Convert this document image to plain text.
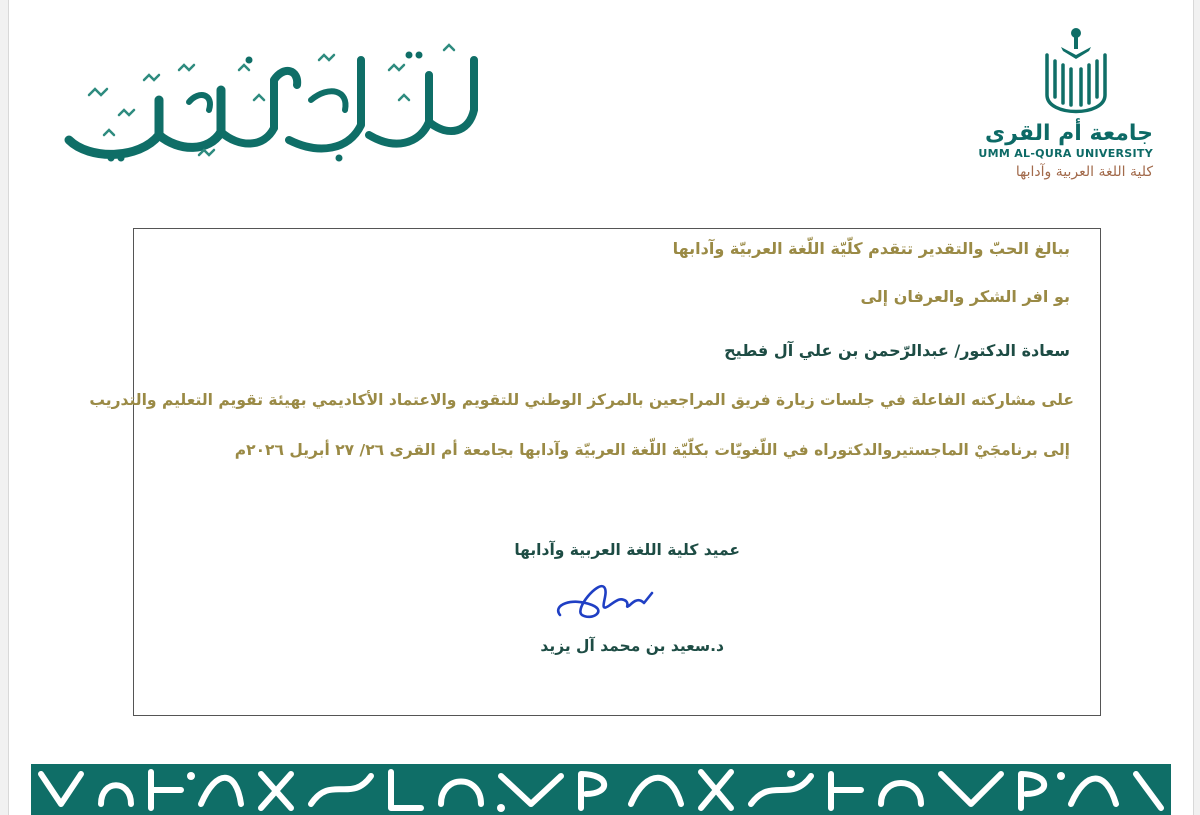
جامعة أم القرى
UMM AL-QURA UNIVERSITY
كلية اللغة العربية وآدابها
ببالغ الحبّ والتقدير تتقدم كلّيّة اللّغة العربيّة وآدابها
بو افر الشكر والعرفان إلى
سعادة الدكتور/ عبدالرّحمن بن علي آل فطيح
على مشاركته الفاعلة في جلسات زيارة فريق المراجعين بالمركز الوطني للتقويم والاعتماد الأكاديمي بهيئة تقويم التعليم والتدريب
إلى برنامجَيْ الماجستيروالدكتوراه في اللّغويّات بكلّيّة اللّغة العربيّة وآدابها بجامعة أم القرى ٢٦/ ٢٧ أبريل ٢٠٢٦م
عميد كلية اللغة العربية وآدابها
د.سعيد بن محمد آل يزيد
